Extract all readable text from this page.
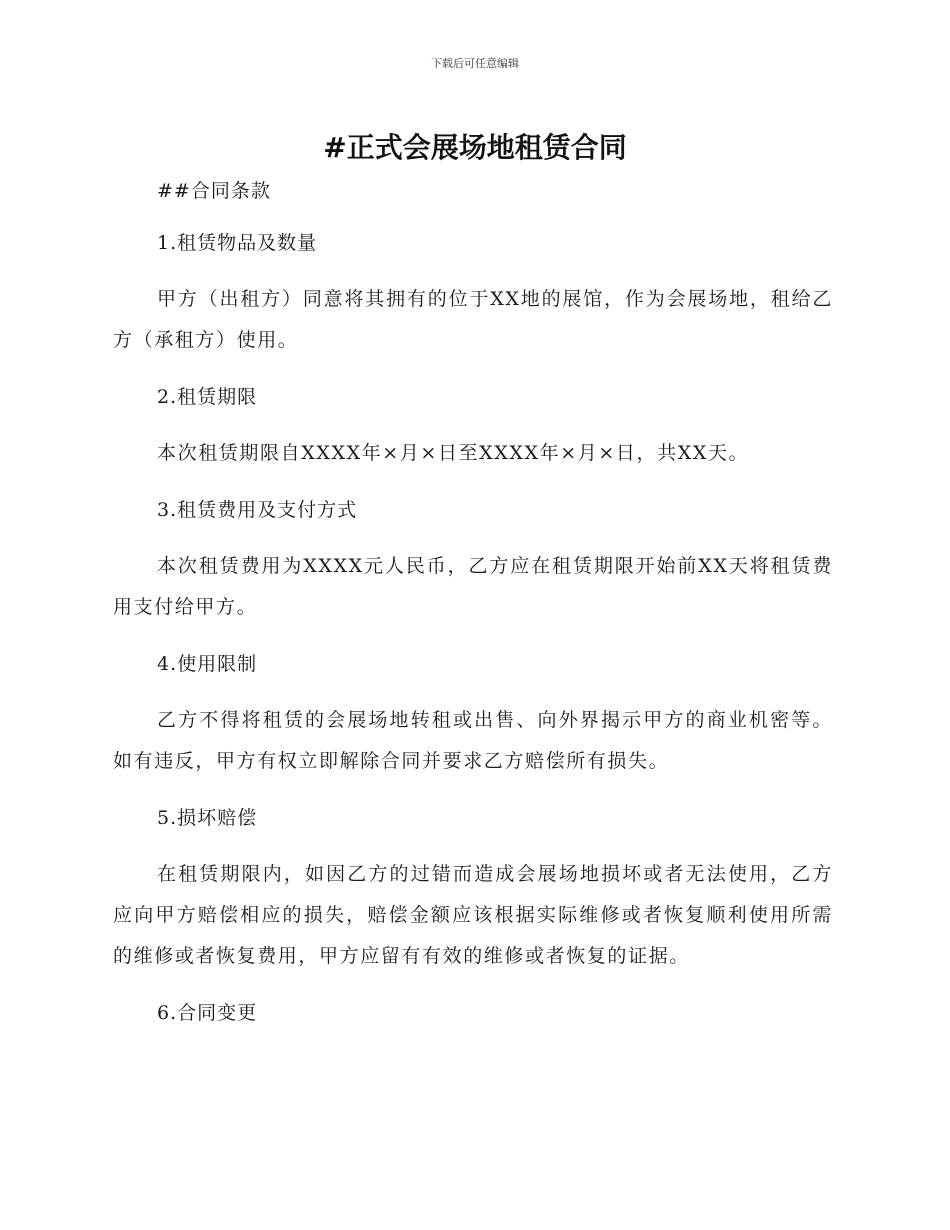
下载后可任意编辑
#正式会展场地租赁合同

##合同条款

1.租赁物品及数量

甲方（出租方）同意将其拥有的位于XX地的展馆，作为会展场地，租给乙方（承租方）使用。

2.租赁期限

本次租赁期限自XXXX年×月×日至XXXX年×月×日，共XX天。

3.租赁费用及支付方式

本次租赁费用为XXXX元人民币，乙方应在租赁期限开始前XX天将租赁费用支付给甲方。

4.使用限制

乙方不得将租赁的会展场地转租或出售、向外界揭示甲方的商业机密等。如有违反，甲方有权立即解除合同并要求乙方赔偿所有损失。

5.损坏赔偿

在租赁期限内，如因乙方的过错而造成会展场地损坏或者无法使用，乙方应向甲方赔偿相应的损失，赔偿金额应该根据实际维修或者恢复顺利使用所需的维修或者恢复费用，甲方应留有有效的维修或者恢复的证据。

6.合同变更
